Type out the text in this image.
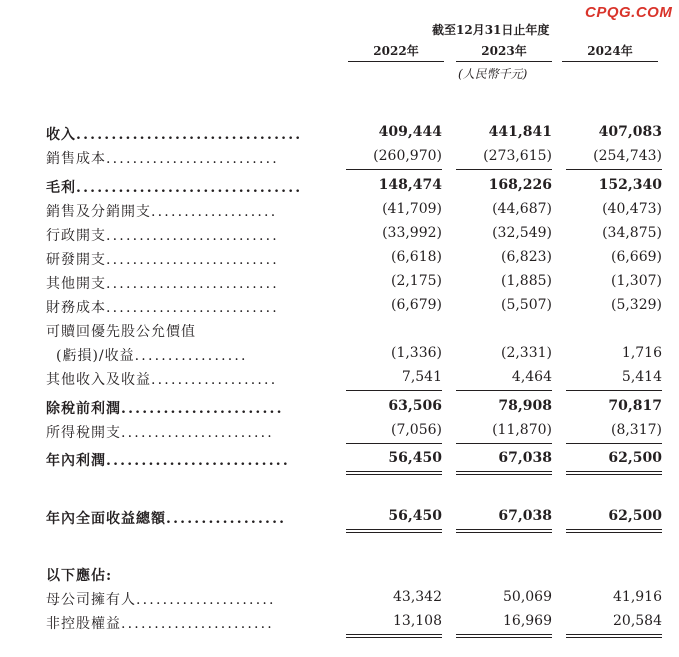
CPQG.COM
截至12月31日止年度
2022年	2023年	2024年
(人民幣千元)
收入................................	409,444	441,841	407,083
銷售成本..........................	(260,970)	(273,615)	(254,743)
毛利................................	148,474	168,226	152,340
銷售及分銷開支...................	(41,709)	(44,687)	(40,473)
行政開支..........................	(33,992)	(32,549)	(34,875)
研發開支..........................	(6,618)	(6,823)	(6,669)
其他開支..........................	(2,175)	(1,885)	(1,307)
財務成本..........................	(6,679)	(5,507)	(5,329)
可贖回優先股公允價值
(虧損)/收益.................	(1,336)	(2,331)	1,716
其他收入及收益...................	7,541	4,464	5,414
除稅前利潤.......................	63,506	78,908	70,817
所得稅開支.......................	(7,056)	(11,870)	(8,317)
年內利潤..........................	56,450	67,038	62,500
年內全面收益總額.................	56,450	67,038	62,500
以下應佔:
母公司擁有人.....................	43,342	50,069	41,916
非控股權益.......................	13,108	16,969	20,584
